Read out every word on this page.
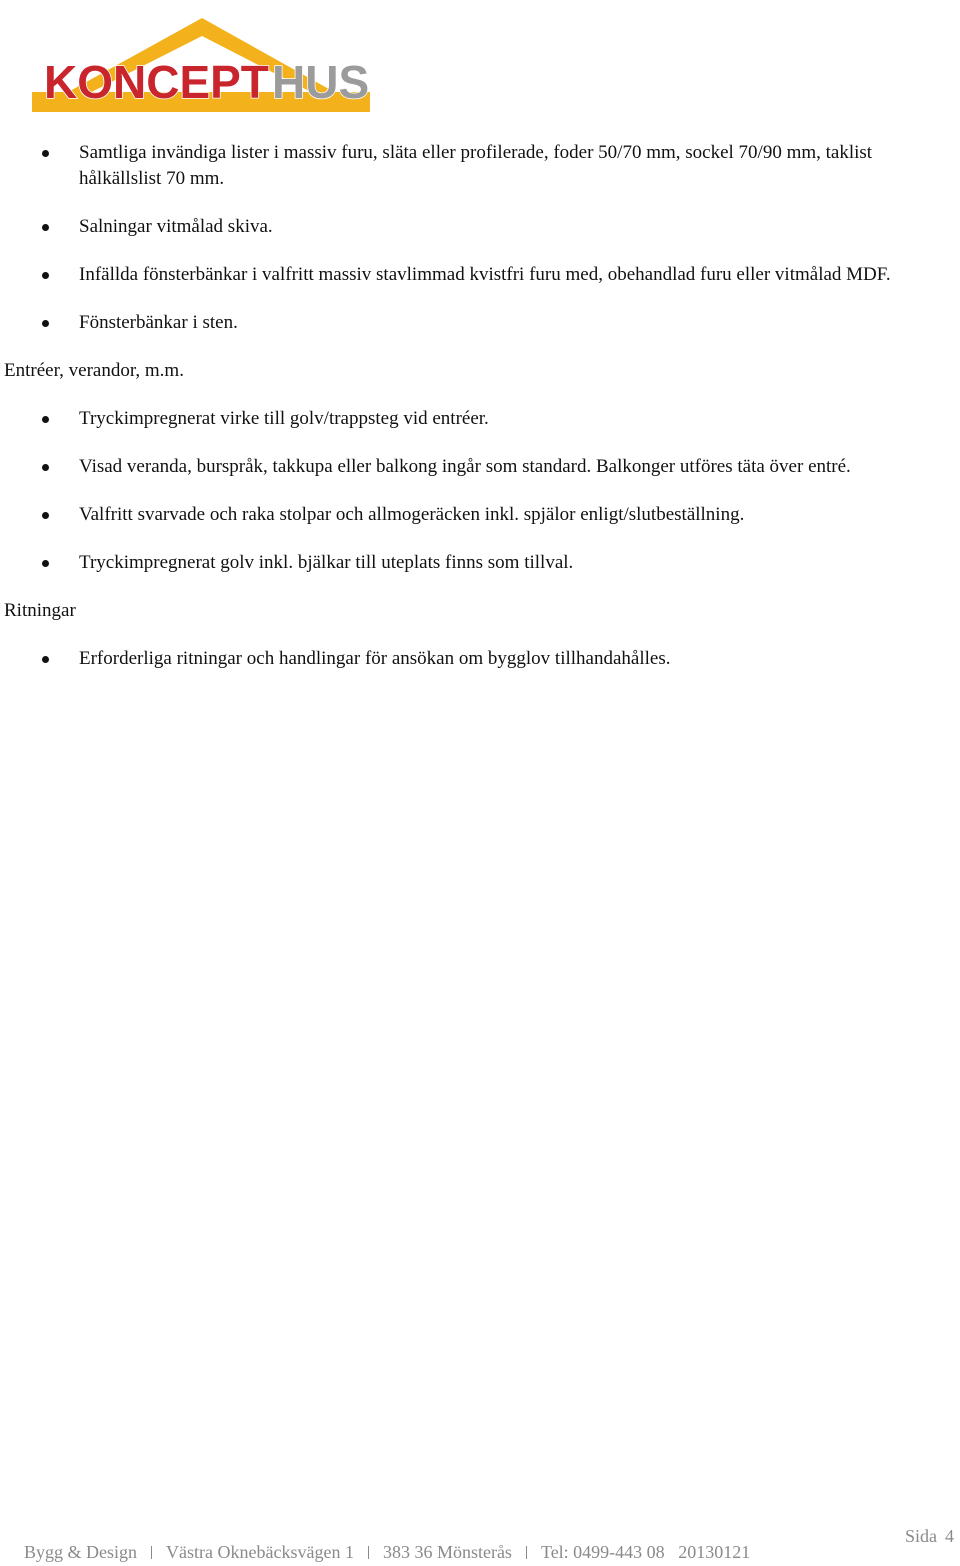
KONCEPT HUS
Samtliga invändiga lister i massiv furu, släta eller profilerade, foder 50/70 mm, sockel 70/90 mm, taklist hålkällslist 70 mm.
Salningar vitmålad skiva.
Infällda fönsterbänkar i valfritt massiv stavlimmad kvistfri furu med, obehandlad furu eller vitmålad MDF.
Fönsterbänkar i sten.
Entréer, verandor, m.m.
Tryckimpregnerat virke till golv/trappsteg vid entréer.
Visad veranda, burspråk, takkupa eller balkong ingår som standard. Balkonger utföres täta över entré.
Valfritt svarvade och raka stolpar och allmogeräcken inkl. spjälor enligt/slutbeställning.
Tryckimpregnerat golv inkl. bjälkar till uteplats finns som tillval.
Ritningar
Erforderliga ritningar och handlingar för ansökan om bygglov tillhandahålles.
Bygg & Design Västra Oknebäcksvägen 1 383 36 Mönsterås Tel: 0499-443 08 20130121
Sida 4
